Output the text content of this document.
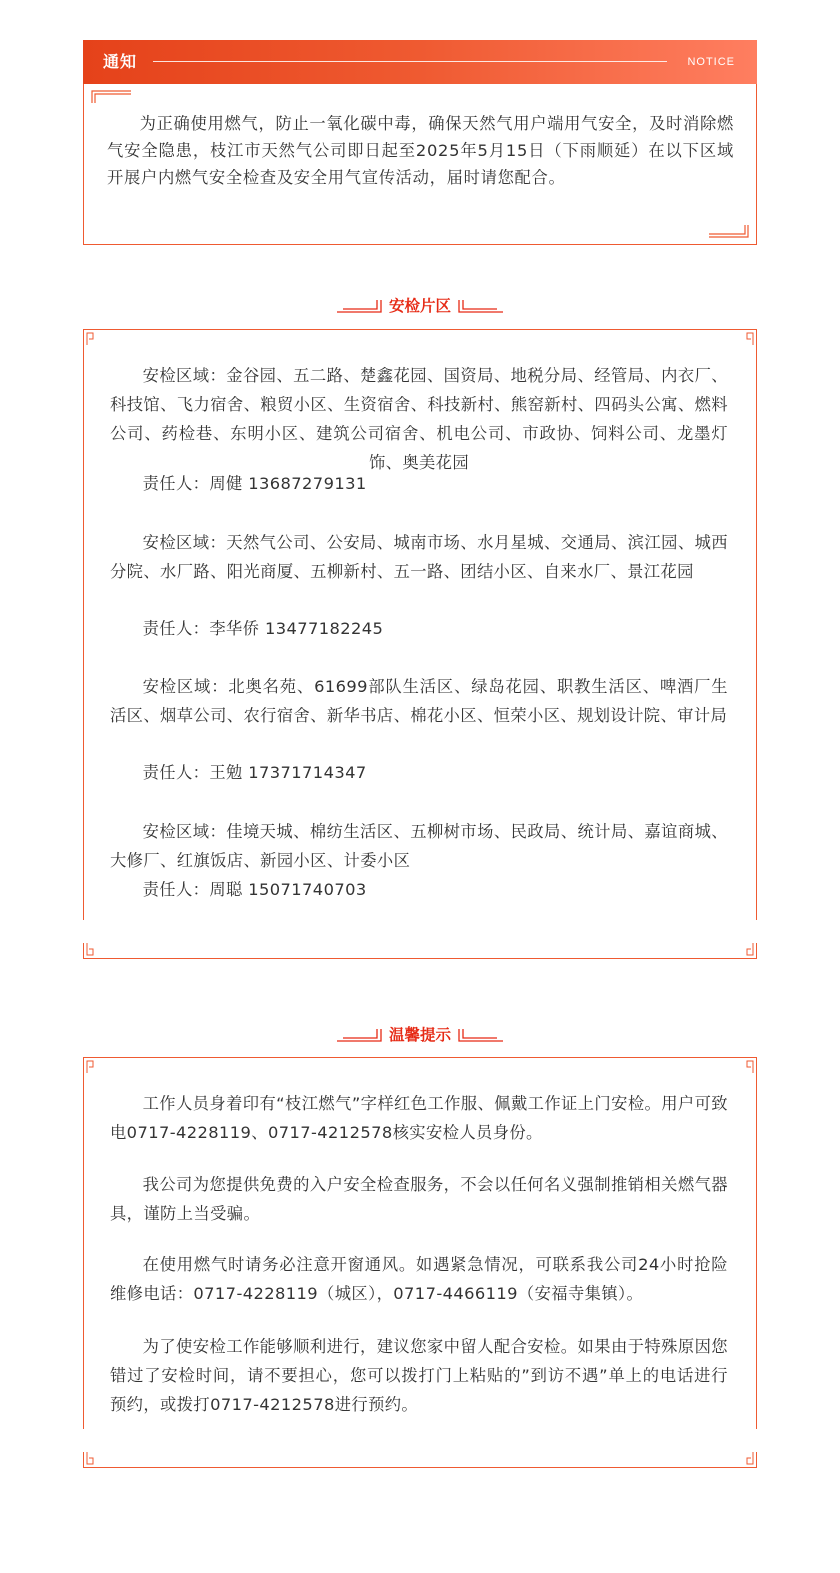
通知	NOTICE
为正确使用燃气，防止一氧化碳中毒，确保天然气用户端用气安全，及时消除燃气安全隐患，枝江市天然气公司即日起至2025年5月15日（下雨顺延）在以下区域开展户内燃气安全检查及安全用气宣传活动，届时请您配合。
安检片区
安检区域：金谷园、五二路、楚鑫花园、国资局、地税分局、经管局、内衣厂、科技馆、飞力宿舍、粮贸小区、生资宿舍、科技新村、熊窑新村、四码头公寓、燃料公司、药检巷、东明小区、建筑公司宿舍、机电公司、市政协、饲料公司、龙墨灯饰、奥美花园
责任人：周健 13687279131
安检区域：天然气公司、公安局、城南市场、水月星城、交通局、滨江园、城西分院、水厂路、阳光商厦、五柳新村、五一路、团结小区、自来水厂、景江花园
责任人：李华侨 13477182245
安检区域：北奥名苑、61699部队生活区、绿岛花园、职教生活区、啤酒厂生活区、烟草公司、农行宿舍、新华书店、棉花小区、恒荣小区、规划设计院、审计局
责任人：王勉 17371714347
安检区域：佳境天城、棉纺生活区、五柳树市场、民政局、统计局、嘉谊商城、大修厂、红旗饭店、新园小区、计委小区
责任人：周聪 15071740703
温馨提示
工作人员身着印有“枝江燃气”字样红色工作服、佩戴工作证上门安检。用户可致电0717-4228119、0717-4212578核实安检人员身份。
我公司为您提供免费的入户安全检查服务，不会以任何名义强制推销相关燃气器具，谨防上当受骗。
在使用燃气时请务必注意开窗通风。如遇紧急情况，可联系我公司24小时抢险维修电话：0717-4228119（城区），0717-4466119（安福寺集镇）。
为了使安检工作能够顺利进行，建议您家中留人配合安检。如果由于特殊原因您错过了安检时间，请不要担心，您可以拨打门上粘贴的”到访不遇”单上的电话进行预约，或拨打0717-4212578进行预约。
